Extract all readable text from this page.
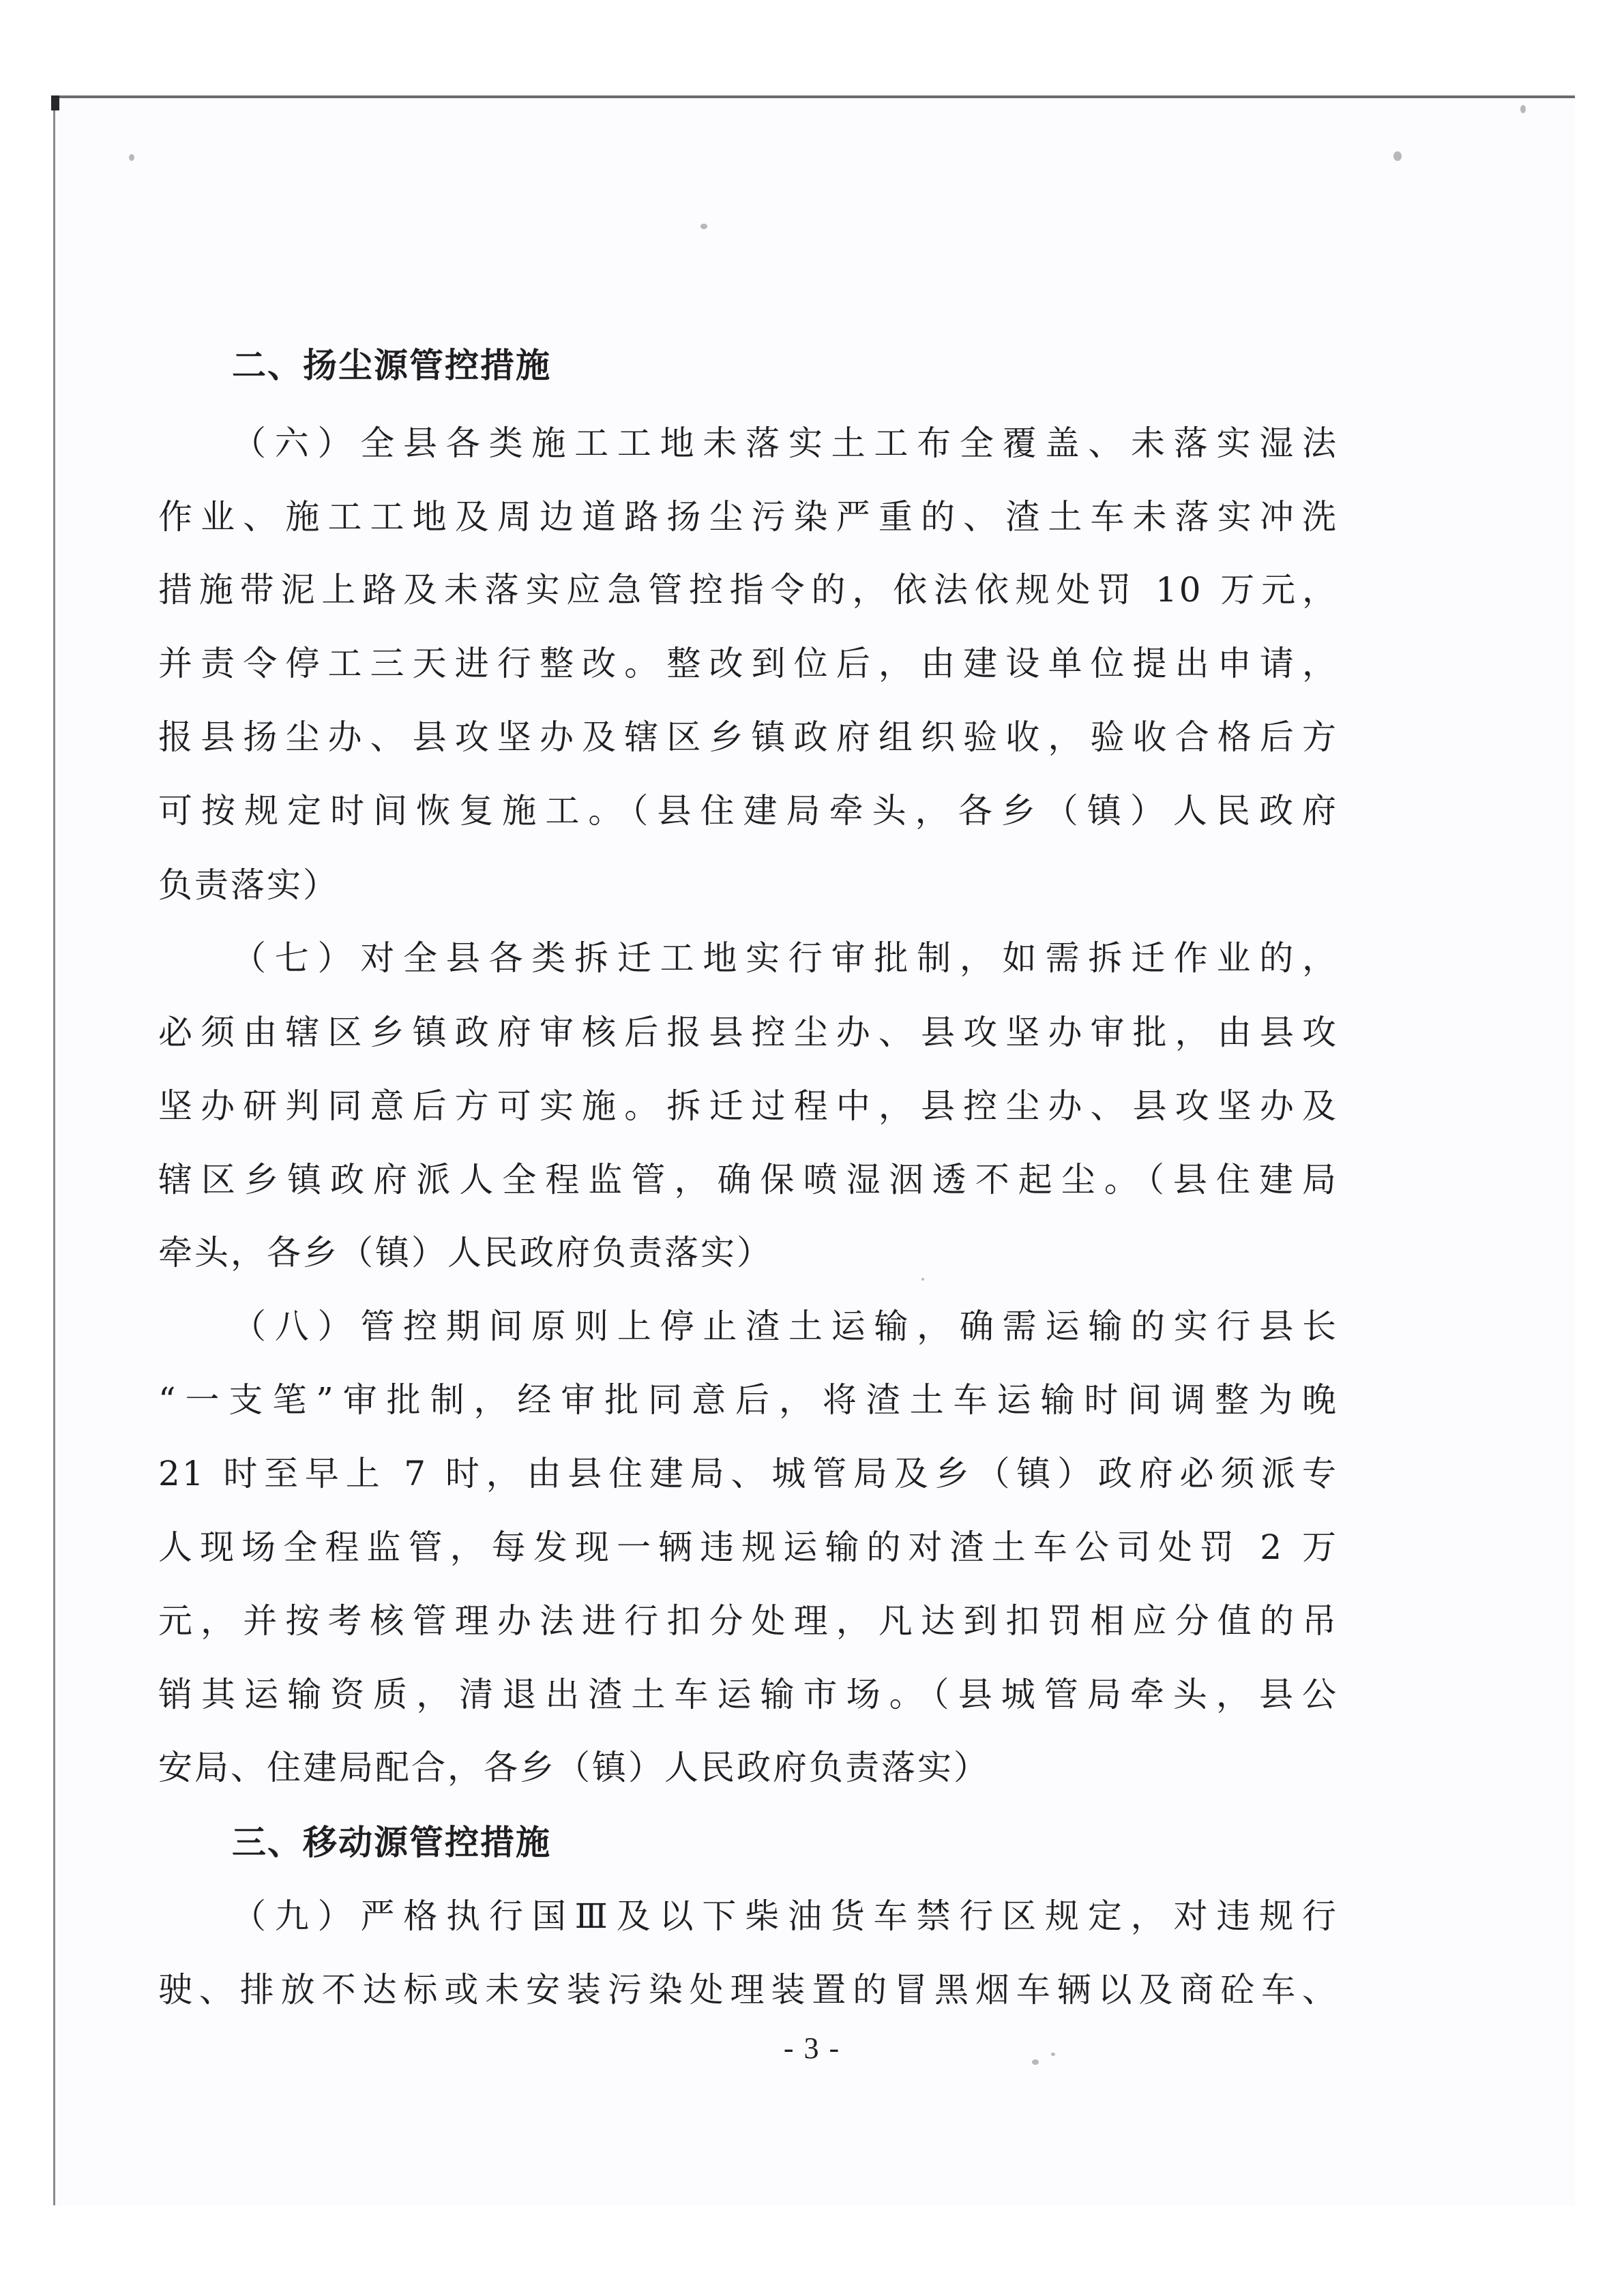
二、扬尘源管控措施
（六）全县各类施工工地未落实土工布全覆盖、未落实湿法
作业、施工工地及周边道路扬尘污染严重的、渣土车未落实冲洗
措施带泥上路及未落实应急管控指令的，依法依规处罚 10 万元，
并责令停工三天进行整改。整改到位后，由建设单位提出申请，
报县扬尘办、县攻坚办及辖区乡镇政府组织验收，验收合格后方
可按规定时间恢复施工。（县住建局牵头，各乡（镇）人民政府
负责落实）
（七）对全县各类拆迁工地实行审批制，如需拆迁作业的，
必须由辖区乡镇政府审核后报县控尘办、县攻坚办审批，由县攻
坚办研判同意后方可实施。拆迁过程中，县控尘办、县攻坚办及
辖区乡镇政府派人全程监管，确保喷湿洇透不起尘。（县住建局
牵头，各乡（镇）人民政府负责落实）
（八）管控期间原则上停止渣土运输，确需运输的实行县长
“一支笔”审批制，经审批同意后，将渣土车运输时间调整为晚
21 时至早上 7 时，由县住建局、城管局及乡（镇）政府必须派专
人现场全程监管，每发现一辆违规运输的对渣土车公司处罚 2 万
元，并按考核管理办法进行扣分处理，凡达到扣罚相应分值的吊
销其运输资质，清退出渣土车运输市场。（县城管局牵头，县公
安局、住建局配合，各乡（镇）人民政府负责落实）
三、移动源管控措施
（九）严格执行国Ⅲ及以下柴油货车禁行区规定，对违规行
驶、排放不达标或未安装污染处理装置的冒黑烟车辆以及商砼车、
- 3 -
